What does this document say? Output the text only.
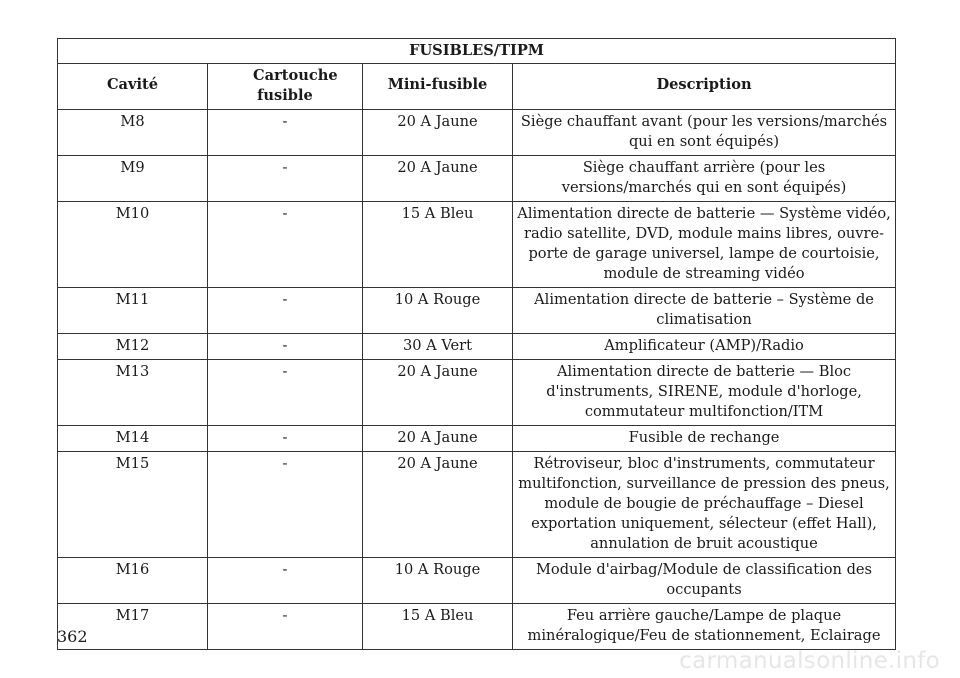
FUSIBLES/TIPM			
Cavité	Cartouche fusible	Mini-fusible	Description
M8	-	20 A Jaune	Siège chauffant avant (pour les versions/marchés qui en sont équipés)
M9	-	20 A Jaune	Siège chauffant arrière (pour les versions/marchés qui en sont équipés)
M10	-	15 A Bleu	Alimentation directe de batterie — Système vidéo, radio satellite, DVD, module mains libres, ouvre-porte de garage universel, lampe de courtoisie, module de streaming vidéo
M11	-	10 A Rouge	Alimentation directe de batterie – Système de climatisation
M12	-	30 A Vert	Amplificateur (AMP)/Radio
M13	-	20 A Jaune	Alimentation directe de batterie — Bloc d'instruments, SIRENE, module d'horloge, commutateur multifonction/ITM
M14	-	20 A Jaune	Fusible de rechange
M15	-	20 A Jaune	Rétroviseur, bloc d'instruments, commutateur multifonction, surveillance de pression des pneus, module de bougie de préchauffage – Diesel exportation uniquement, sélecteur (effet Hall), annulation de bruit acoustique
M16	-	10 A Rouge	Module d'airbag/Module de classification des occupants
M17	-	15 A Bleu	Feu arrière gauche/Lampe de plaque minéralogique/Feu de stationnement, Eclairage
362
carmanualsonline.info
